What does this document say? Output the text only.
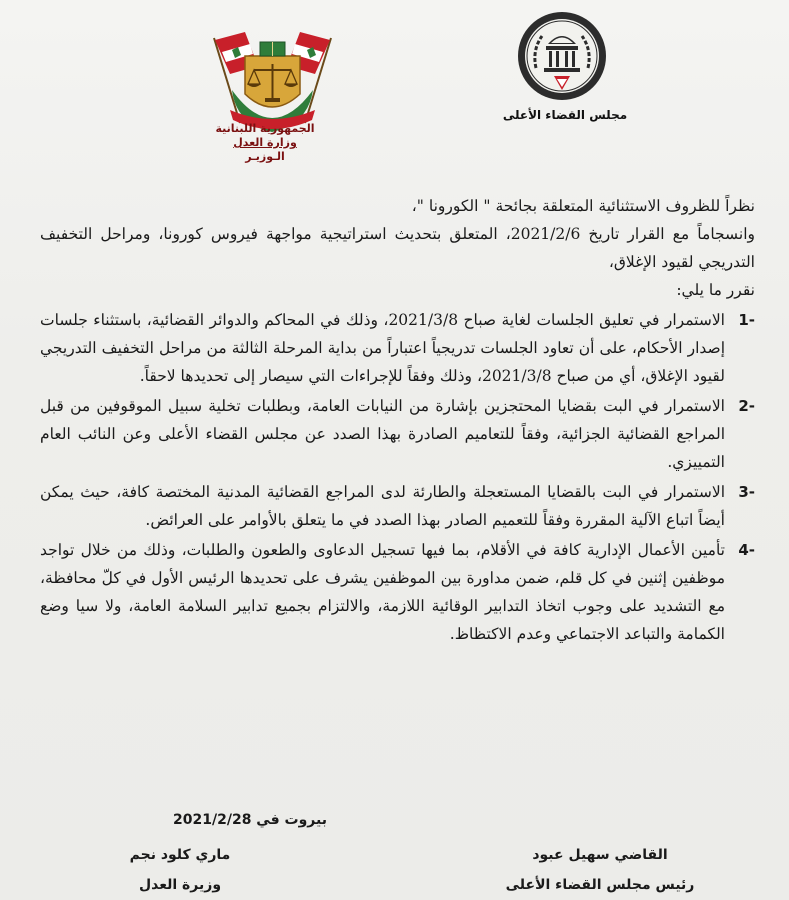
الجمهورية اللبنانية
وزارة العدل
الـوزيـر
مجلس القضاء الأعلى

نظراً للظروف الاستثنائية المتعلقة بجائحة " الكورونا "،

وانسجاماً مع القرار تاريخ 2021/2/6، المتعلق بتحديث استراتيجية مواجهة فيروس كورونا، ومراحل التخفيف التدريجي لقيود الإغلاق،

نقرر ما يلي:

1-
الاستمرار في تعليق الجلسات لغاية صباح 2021/3/8، وذلك في المحاكم والدوائر القضائية، باستثناء جلسات إصدار الأحكام، على أن تعاود الجلسات تدريجياً اعتباراً من بداية المرحلة الثالثة من مراحل التخفيف التدريجي لقيود الإغلاق، أي من صباح 2021/3/8، وذلك وفقاً للإجراءات التي سيصار إلى تحديدها لاحقاً.
2-
الاستمرار في البت بقضايا المحتجزين بإشارة من النيابات العامة، وبطلبات تخلية سبيل الموقوفين من قبل المراجع القضائية الجزائية، وفقاً للتعاميم الصادرة بهذا الصدد عن مجلس القضاء الأعلى وعن النائب العام التمييزي.
3-
الاستمرار في البت بالقضايا المستعجلة والطارئة لدى المراجع القضائية المدنية المختصة كافة، حيث يمكن أيضاً اتباع الآلية المقررة وفقاً للتعميم الصادر بهذا الصدد في ما يتعلق بالأوامر على العرائض.
4-
تأمين الأعمال الإدارية كافة في الأقلام، بما فيها تسجيل الدعاوى والطعون والطلبات، وذلك من خلال تواجد موظفين إثنين في كل قلم، ضمن مداورة بين الموظفين يشرف على تحديدها الرئيس الأول في كلّ محافظة، مع التشديد على وجوب اتخاذ التدابير الوقائية اللازمة، والالتزام بجميع تدابير السلامة العامة، ولا سيا وضع الكمامة والتباعد الاجتماعي وعدم الاكتظاظ.
بيروت في 2021/2/28
ماري كلود نجم
وزيرة العدل
القاضي سهيل عبود
رئيس مجلس القضاء الأعلى
